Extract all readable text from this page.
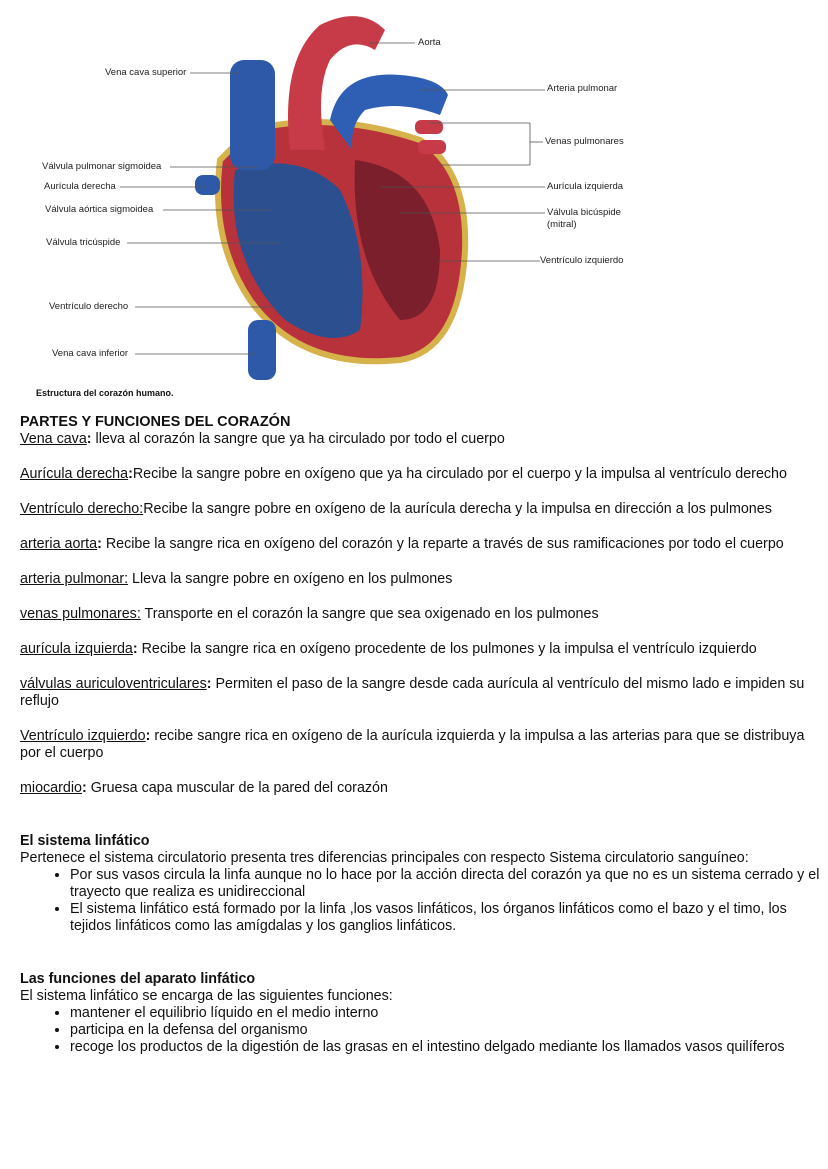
Aorta
Vena cava superior
Arteria pulmonar
Venas pulmonares
Válvula pulmonar sigmoidea
Aurícula derecha	Aurícula izquierda
Válvula aórtica sigmoidea	Válvula bicúspide
(mitral)
Válvula tricúspide
Ventrículo izquierdo
Ventrículo derecho
Vena cava inferior
Estructura del corazón humano.
PARTES Y FUNCIONES DEL CORAZÓN

Vena cava: lleva al corazón la sangre que ya ha circulado por todo el cuerpo

Aurícula derecha:Recibe la sangre pobre en oxígeno que ya ha circulado por el cuerpo y la impulsa al ventrículo derecho

Ventrículo derecho:Recibe la sangre pobre en oxígeno de la aurícula derecha y la impulsa en dirección a los pulmones

arteria aorta: Recibe la sangre rica en oxígeno del corazón y la reparte a través de sus ramificaciones por todo el cuerpo

arteria pulmonar: Lleva la sangre pobre en oxígeno en los pulmones

venas pulmonares: Transporte en el corazón la sangre que sea oxigenado en los pulmones

aurícula izquierda: Recibe la sangre rica en oxígeno procedente de los pulmones y la impulsa el ventrículo izquierdo

válvulas auriculoventriculares: Permiten el paso de la sangre desde cada aurícula al ventrículo del mismo lado e impiden su reflujo

Ventrículo izquierdo: recibe sangre rica en oxígeno de la aurícula izquierda y la impulsa a las arterias para que se distribuya por el cuerpo

miocardio: Gruesa capa muscular de la pared del corazón

El sistema linfático

Pertenece el sistema circulatorio presenta tres diferencias principales con respecto Sistema circulatorio sanguíneo:

• Por sus vasos circula la linfa aunque no lo hace por la acción directa del corazón ya que no es un sistema cerrado y el trayecto que realiza es unidireccional
• El sistema linfático está formado por la linfa ,los vasos linfáticos, los órganos linfáticos como el bazo y el timo, los tejidos linfáticos como las amígdalas y los ganglios linfáticos.

Las funciones del aparato linfático

El sistema linfático se encarga de las siguientes funciones:

• mantener el equilibrio líquido en el medio interno
• participa en la defensa del organismo
• recoge los productos de la digestión de las grasas en el intestino delgado mediante los llamados vasos quilíferos
